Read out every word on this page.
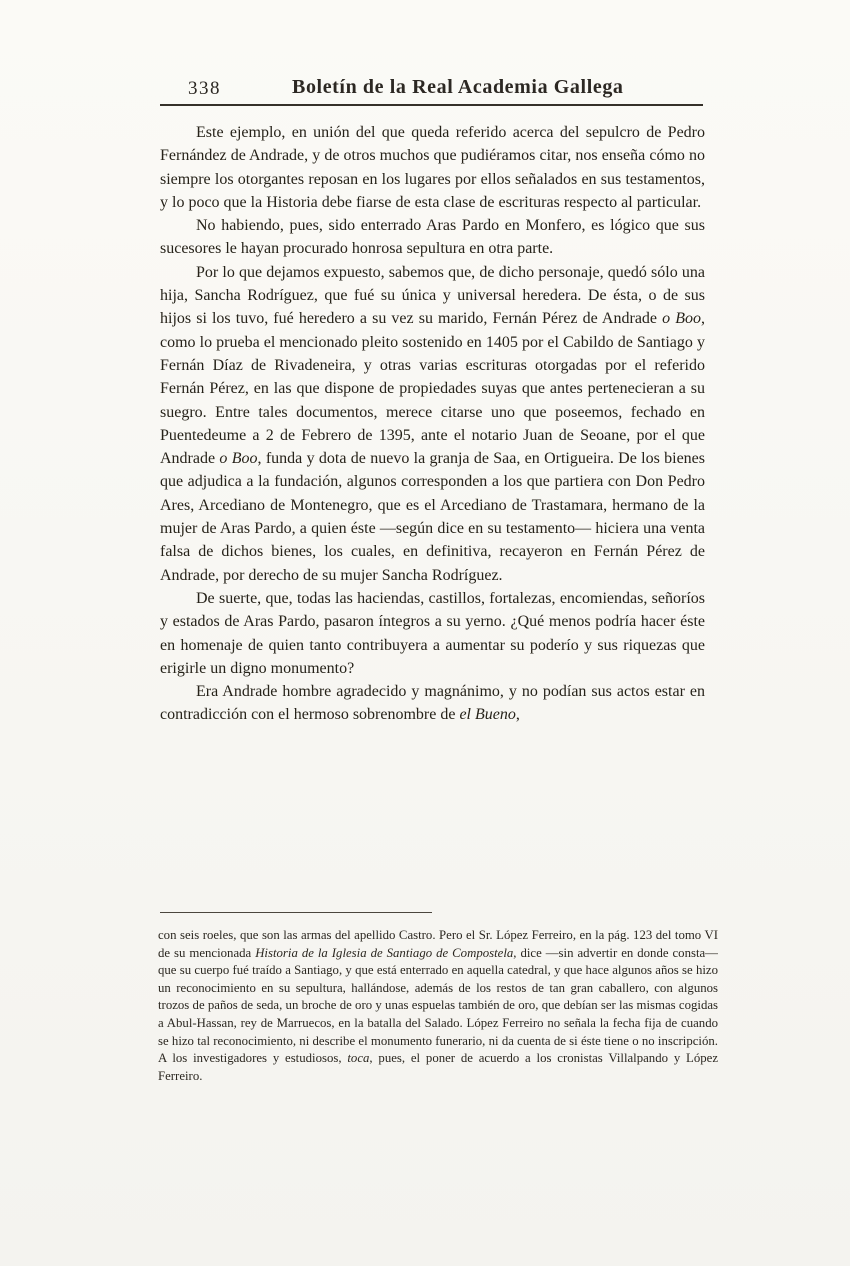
338	Boletín de la Real Academia Gallega

Este ejemplo, en unión del que queda referido acerca del sepulcro de Pedro Fernández de Andrade, y de otros muchos que pudiéramos citar, nos enseña cómo no siempre los otorgantes reposan en los lugares por ellos señalados en sus testamentos, y lo poco que la Historia debe fiarse de esta clase de escrituras respecto al particular.

No habiendo, pues, sido enterrado Aras Pardo en Monfero, es lógico que sus sucesores le hayan procurado honrosa sepultura en otra parte.

Por lo que dejamos expuesto, sabemos que, de dicho personaje, quedó sólo una hija, Sancha Rodríguez, que fué su única y universal heredera. De ésta, o de sus hijos si los tuvo, fué heredero a su vez su marido, Fernán Pérez de Andrade o Boo, como lo prueba el mencionado pleito sostenido en 1405 por el Cabildo de Santiago y Fernán Díaz de Rivadeneira, y otras varias escrituras otorgadas por el referido Fernán Pérez, en las que dispone de propiedades suyas que antes pertenecieran a su suegro. Entre tales documentos, merece citarse uno que poseemos, fechado en Puentedeume a 2 de Febrero de 1395, ante el notario Juan de Seoane, por el que Andrade o Boo, funda y dota de nuevo la granja de Saa, en Ortigueira. De los bienes que adjudica a la fundación, algunos corresponden a los que partiera con Don Pedro Ares, Arcediano de Montenegro, que es el Arcediano de Trastamara, hermano de la mujer de Aras Pardo, a quien éste —según dice en su testamento— hiciera una venta falsa de dichos bienes, los cuales, en definitiva, recayeron en Fernán Pérez de Andrade, por derecho de su mujer Sancha Rodríguez.

De suerte, que, todas las haciendas, castillos, fortalezas, encomiendas, señoríos y estados de Aras Pardo, pasaron íntegros a su yerno. ¿Qué menos podría hacer éste en homenaje de quien tanto contribuyera a aumentar su poderío y sus riquezas que erigirle un digno monumento?

Era Andrade hombre agradecido y magnánimo, y no podían sus actos estar en contradicción con el hermoso sobrenombre de el Bueno,

con seis roeles, que son las armas del apellido Castro. Pero el Sr. López Ferreiro, en la pág. 123 del tomo VI de su mencionada Historia de la Iglesia de Santiago de Compostela, dice —sin advertir en donde consta— que su cuerpo fué traído a Santiago, y que está enterrado en aquella catedral, y que hace algunos años se hizo un reconocimiento en su sepultura, hallándose, además de los restos de tan gran caballero, con algunos trozos de paños de seda, un broche de oro y unas espuelas también de oro, que debían ser las mismas cogidas a Abul-Hassan, rey de Marruecos, en la batalla del Salado. López Ferreiro no señala la fecha fija de cuando se hizo tal reconocimiento, ni describe el monumento funerario, ni da cuenta de si éste tiene o no inscripción. A los investigadores y estudiosos, toca, pues, el poner de acuerdo a los cronistas Villalpando y López Ferreiro.
